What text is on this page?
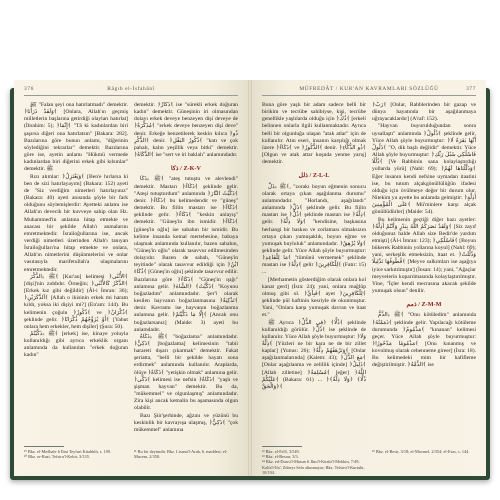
376	Rāgıb el-İsfahânî

ﷺ "Falan şeyi ona hatırlatmadı" demektir. ﴿وَلَقَدْ ذَرَأْنَا﴾ [Onlara, Allah'ın geçmiş milletlerin başlarına getirdiği olayları hatırlat] (İbrahim: 5); ﴿إِنَّمَا﴾ "Tâ ki kadınlardan biri şaşırsa diğeri ona hatırlatsın" [Bakara: 282]. Bazılarına göre bunun anlamı, "diğerinin söylediğini tekrarlar" demektir. Bazılarına göre ise, ayetin anlamı "Hükmü vermede kadınlardan biri diğerini erkek gibi kılsınlar" demektir. ﷺ

Rızı alımlar: ﴿وَيَعْتَزِلُ﴾ [Ben'e hırlarsa ki ben de sizi hatırlayayım] (Bakara: 152) ayeti de "Siz verdiğim nimetleri hatırlayınız" (Bakara: 40) ayeti anısında şöyle bir fark olduğunu söylemişlerdir: Ayetteki anlamı ise Allah'ın devecik bir kuvveye sahip olan Hz. Muhammed'in anlatına hitap etmekte ve anacası bir şekilde Allah'ı anmalarını emretmektedir. İsrailoğullarına ise, ancak verdiği nimetleri üzerinden Allah'ı tanıyan İsrailoğulları'na hitap etmekte ve onlara, Allah'ın nimetlerini düşünmelerini ve onlar vasıtasıyla marifetullah'a ulaşmalarını emretmektedir.

ﷺ ﴿الذِّكْرَ﴾ [Kur'an] kelimesi ﴿الأُنْثَى﴾ [dişi]'nin zıddıdır. Örneğin; ﴿الذَّكَرُ كَالأُنْثَى﴾ [Erkek kız gibi değildir] (Âl-i İmran: 36); ﴿آلذَّكَرَيْنِ﴾ [Allah o ikisinin erkek mi haram kıldı, yoksa iki dişiyi mi?] (En'am: 144). Bu kelimenin çoğulu ﴿ذُكُورٌ﴾ ve ﴿ذُكْرَانٌ﴾ şeklinde gelir. ﴿أَوْ يُزَوِّجُهُمْ ذُكْرَانًا﴾ [Yahut onlara hem erkekler, hem dişiler] (Şura: 50).

ﷺ ﴿ذَكَّيْتُمْ﴾ [erkek] ise, kinaye yoluyla kullanıldığı gibi ayrıca erkeklik organı anlamında da kullanılan "erkek doğuran kadın"

demektir. ﴿ذَكَّارٌ﴾ ise "sürekli erkek doğuran kadın" demektir. Güneşinin iri olmasından dolayı erkek deveye benzeyen dişi deveye de ﴿مُذَكَّرَةٌ﴾ "erkek deveye benzeyen dişi deve" denir. Erkeğe benzetilerek keskin kılıca ﴿ذُو الذُّكْرِ﴾ denir. ﴿ذُكُورُ البَقْلِ﴾ "katı ve çok pahalı, kalın yeşillik veya bitki" demektir. ﴿الذَّكَاةُ﴾ ise "sert ve iri baklalı" anlamındadır.

ذكا / Z-K-V

ﷺ ﴿ذَكَا﴾ "ateş tutuştu ve alevlendi" demektir. Mastarı ﴿ذَكَاءٌ﴾ şeklinde gelir. "Ateşi tutuşturdum" anlamında ﴿ذَكَّيْتُ النَّارَ﴾ denir. ﴿ذَكَاءٌ﴾ bu kelimedendir ve "güneş" demektir. Bu fiilin mastarı ise ﴿ذَكَاءٌ﴾ şeklinde gelir. ﴿ذَكَاءٌ﴾ "keskin anlayış" demektir. "Güneş'in ibn ismidir. ﴿ذَكَاءٌ﴾ [güneş'in oğlu] ise sabahın bir ismidir. Bu kelime insanda kemal mertebesine, babaya ulaşmak anlamında kullanılır, bazen sabahın, "Güneş'in oğlu" olarak tasavvur edilmesinden dolayıdır. Bazen de sabah, "Güneş'in teyitinde" olarak tasavvur edildiği için ﴿ابْنُ ذُكَاءَ﴾ [Güneş'in oğlu] şeklinde tasavvur edilir. Bazılarına göre ﴿ذَكَاءٌ﴾ "Güneş'in ışığı" anlamına gelir. ﴿ذَكَّيْتُ﴾ ﴿الشَّاةَ﴾ "Koyunu boğazladım" anlamındadır. Şer'î olarak kesilen hayvanın boğazlanmasına ﴿تَذْكِيَةٌ﴾ denir. Kavramı ise hayvanın boğazlanma anlamına gelir. ﴿إِلَّا مَا ذَكَّيْتُمْ﴾ [Ancak onu boğazlarsanız] (Maide: 3) ayeti bu anlamdadır.

ﷺ ﴿ذَكَاةٌ﴾ "boğazlama" anlamındadır. ﴿ذَكِيٌّ﴾ [boğazlama] kelimesinin "tabii harareti dışarı çıkarmak" demektir. Fakat şeriatta, "belli bir şekilde hayatı sona erdirmek" anlamında kullanılır. Araplarda, ölüye ﴿ذَكَاةٌ﴾ "yetişkin olmak" anlamına gelir. ﴿ذَكَّى﴾ kelimesi ise nefsin ﴿ذَكَاةٌ﴾ "yaşlı ve şişman hayvan" demektir. Bu da, "mükemmel" ve olgunlaşmış" anlamındadır. Zira kişi ancak kemalin bu aşamasında olgun olabilir.

Bazı Şiir'şerhinde, ağzını ve yüzünü bu keskinlik bir kavrayışa ulaşmış, ﴿ذَكِيٌّ﴾ "çok mükemmel" anlamına

¹⁹ Bkz. el-Medhale li İbni Teyfuri Kitabbih, s. 109.

²⁰ Bkz. er-Razi, Tefsiru'l-Kebir, 3/135.

²¹ Bu bir deyimdir. Bkz. Lisanu'l-Arab, 6. maddesi; el-Mucem, 2/358.

MÜFREDÂT / KUR'AN KAVRAMLARI SÖZLÜĞÜ	377

Buna göre yaşlı bir adam sadece belli bir birikim ve tecrübe sahibiyse, kişi, tecrübe genellikle yaşlılarda olduğu için ﴿ذُكَّ﴾ [erkeli belinnen onlarla ilgili kullanmaktadır. Ayrıca belli bir olgunluğa ulaşan "atak atlar" için de kullanılır. Atın eseri, insanın karşılığı olmak üzere ﴿ذَكَاءٌ﴾ ve ﴿الذُّكُورُ﴾ denir. ﴿ذُو الذُّكَّاءِ﴾ [Olgun ve atak attar koşuda yenme yarış] demektir.

ذلل / Z-L-L

ﷺ ﴿ذَلَّ﴾, "zorakı boyun eğmenin sonucu olarak ortaya çıkan aşağılanma durumu" anlamındadır. "Horlandı, aşağılandı" anlamında ﴿ذَلَّ﴾ şeklinde gelir. Bu fiilin mastarı ise ﴿ذُلٌّ﴾ şeklinde mastarı ise ﴿ذِلَّةٌ﴾ gelir. ﴿وَلَا ذِلَّةٌ﴾ "kendisine, başkasına herhangi bir baskısı ve zorlaması olmaksızın ortaya çıkan yumuşaklık, boyun eğme ve yumuşak huyluluk" anlamındadır. ﴿وَلَا يُرْهِقُ﴾ şeklinde gelir. Yüce Allah şöyle buyurmuştur: ﴿مَا لِلْقَاعِدِ﴾ "tümünü vermemek" şeklinde mastarı ise ﴿ذِلَّةٌ﴾ gelir ﴿لِلْكَافِرِينَ﴾ (Fatır: 15) ...

[Merhametin gösterdiğim olarak onlara kol kanat gerd] (İsra: 24); yani, onlara mağlûp olmuş gibi ol. ﴿فَبِأَيِّ﴾ ayet ﴿لِلْكَافِرِينَ﴾ şeklinde pül haftinin kesriyle de okunmuştur. Yani, "Onlara karşı yumuşak davran ve itaat et."

ﷺ Ayrıca ﴿ذُلًّا﴾ ﴿فِي الذُّلِّ﴾ şeklinde kullanıldığı görülür. ﴿ذُلُّ﴾ ise şeklinde de kullanılır. Yüce Allah şöyle buyurmuştur: ﴿وَلَا ذِلَّةٌ﴾ [Yüzleri ne bir kara ne de bir zillet kaplar] (Yunus: 26); ﴿وَتَرْهَقُهُمْ ذِلَّةٌ﴾ [Onlar aşağılanmalarında] (Kalem: 43); ﴿مَعَ الذُّلِّ﴾ [Onlar aşağılanma ve zelillik içinde] ﴿ذَلِيلٌ﴾ [Allah zilletine] ﴿مُسْلِمَةٌ﴾ [eğer] ﴿اللَّهُ عَلَيْكُمْ﴾ (Bakara: 61) ... ﴿ذُلًّا﴾ ﴿وَلَا ذِلَّةٌ﴾ ﴿وَالْحَقَّ﴾

﴿رَبُّ﴾ [Onlar, Rabblerinden bir gazap ve dünya hayatında bir aşağılanmaya uğrayacaklardır] (A'raf: 152).

"Hayvan buyurulduğundan sonra uysallaştı" anlamında ﴿ذُلُولٌ﴾ şeklinde gelir. Yüce Allah şöyle buyurmuştur: ﴿أَنَّهَا بَقَرَةٌ لَا ذَلُولٌ﴾ "O, dik başlı değildir" demektir. Yüce Allah şöyle buyurmuştur: ﴿فَاسْلُكِي سُبُلَ رَبِّكِ ذُلُلًا﴾ [Ve Rabbinin sana kolaylaştırdığı yollarda yürü] (Nahl: 69); ﴿وَذَلَّلْنَاهَا لَهُمْ﴾ Eğer insanın kendi nefsine uymadan itaatini ise, bu tutum alçakgönüllülüğün ifadesi olduğu için övülmeye değer bir durum olur. Nitekim yu ayette bu anlamda gelmiştir: ﴿أَذِلَّةٍ عَلَى الْمُؤْمِنِينَ﴾ Mü'minlere karşı alçak gönüllüdürler] (Maide: 54).

Bu kelimenin geçtiği diğer bazı ayetler: ﴿وَلَقَدْ نَصَرَكُمُ اللَّهُ بِبَدْرٍ وَأَنْتُمْ أَذِلَّةٌ﴾ [Siz zayıf olduğunuz halde Allah size Bedir'de yardım etmişti] (Âl-i İmran: 123); ﴿فَاسْلُكِي﴾ [Boyun bükerek Rabbinin yollarına koyul] (Nahl: 69); yani, serkeşlik etmeksizin, itaat et. ﴿وَذُلِّلَتْ قُطُوفُهَا تَذْلِيلًا﴾ [Meyve salkımları ise aşağıya iyice sarkıtılmıştır] (İnsan: 14); yani, "Ağaçlar meyvelerin koparılmasında kolaylaştırılmıştır. Yine, "İçler kendi mecrasına akacak şekilde yumuşak olsun" denilir.

ذمم / Z-M-M

ﷺ ﴿الذَّمُّ﴾ "Onu kötüledim" anlamında ﴿ذَمَمْتُهُ﴾ şeklinde gelir. Yapılacağı kötüleme durumunda ﴿مَذْمُومٌ﴾ "kınanan" kelimesi geçer. Yüce Allah şöyle buyurmuştur: ﴿مَذْمُومًا مَدْحُورًا﴾ [Onu kınanmış ve kovulmuş olarak cehenneme gireer] (İsra: 18). Bu kelimedeki mim bir hafifleme değiştirilmiştir. ﴿الذِّمَّةُ﴾ ise

²² Bkz. el-Fa'îl, 3/549.

²³ Bkz. el-Besaır, 3/3.

²⁴ Bkz. ed-Durru'l-Masun fi Ilmi'l-Kitabi'l-Mekkin, 7/49; Kalfa'l-Ifa'; Zübeyr Sefa altınmayar; Bkz. Tefsiru'l-Kurtubi, 10/194.

²⁵ Bkz. el-Besir, 3/18; el-Mucmel, 2/354; el-Esas, s. 144.
